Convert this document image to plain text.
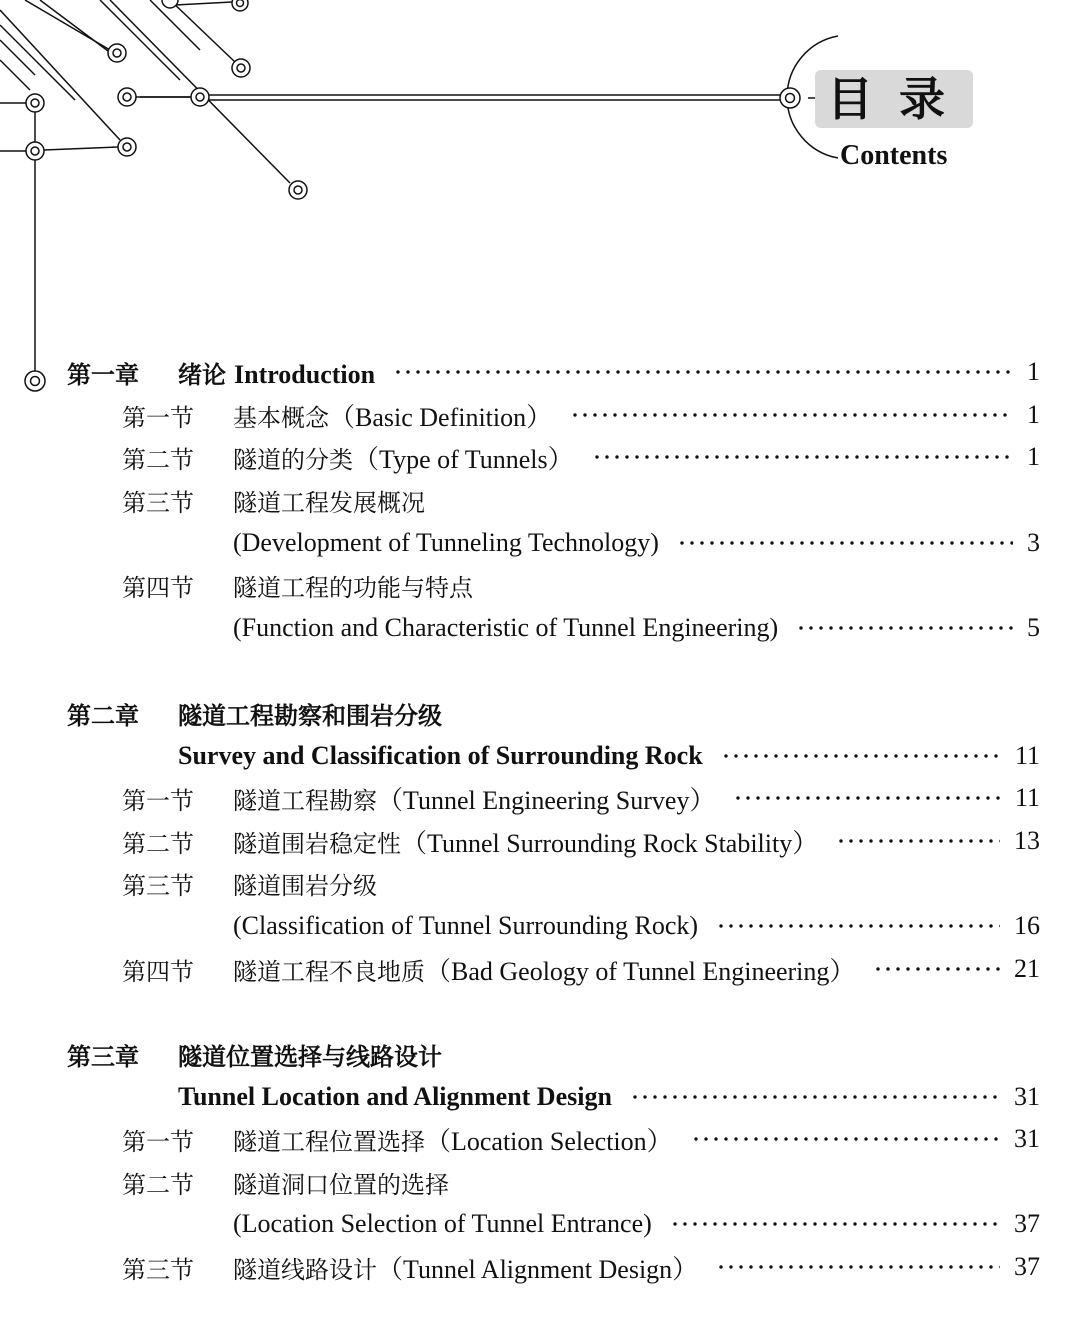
目录
Contents
第一章 绪论 Introduction	1
第一节 基本概念（Basic Definition）	1
第二节 隧道的分类（Type of Tunnels）	1
第三节 隧道工程发展概况
(Development of Tunneling Technology)	3
第四节 隧道工程的功能与特点
(Function and Characteristic of Tunnel Engineering)	5
第二章 隧道工程勘察和围岩分级
Survey and Classification of Surrounding Rock	11
第一节 隧道工程勘察（Tunnel Engineering Survey）	11
第二节 隧道围岩稳定性（Tunnel Surrounding Rock Stability）	13
第三节 隧道围岩分级
(Classification of Tunnel Surrounding Rock)	16
第四节 隧道工程不良地质（Bad Geology of Tunnel Engineering）	21
第三章 隧道位置选择与线路设计
Tunnel Location and Alignment Design	31
第一节 隧道工程位置选择（Location Selection）	31
第二节 隧道洞口位置的选择
(Location Selection of Tunnel Entrance)	37
第三节 隧道线路设计（Tunnel Alignment Design）	37
